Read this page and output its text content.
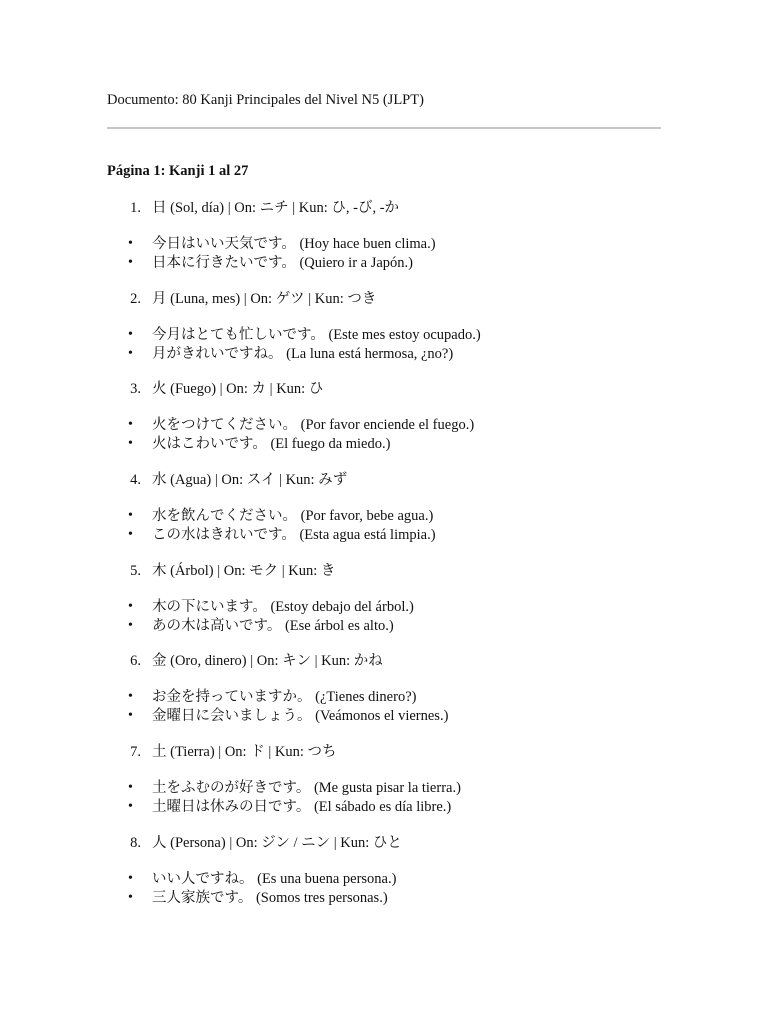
Documento: 80 Kanji Principales del Nivel N5 (JLPT)
Página 1: Kanji 1 al 27
1. 日 (Sol, día) | On: ニチ | Kun: ひ, -び, -か
• 今日はいい天気です。 (Hoy hace buen clima.)
• 日本に行きたいです。 (Quiero ir a Japón.)
2. 月 (Luna, mes) | On: ゲツ | Kun: つき
• 今月はとても忙しいです。 (Este mes estoy ocupado.)
• 月がきれいですね。 (La luna está hermosa, ¿no?)
3. 火 (Fuego) | On: カ | Kun: ひ
• 火をつけてください。 (Por favor enciende el fuego.)
• 火はこわいです。 (El fuego da miedo.)
4. 水 (Agua) | On: スイ | Kun: みず
• 水を飲んでください。 (Por favor, bebe agua.)
• この水はきれいです。 (Esta agua está limpia.)
5. 木 (Árbol) | On: モク | Kun: き
• 木の下にいます。 (Estoy debajo del árbol.)
• あの木は高いです。 (Ese árbol es alto.)
6. 金 (Oro, dinero) | On: キン | Kun: かね
• お金を持っていますか。 (¿Tienes dinero?)
• 金曜日に会いましょう。 (Veámonos el viernes.)
7. 土 (Tierra) | On: ド | Kun: つち
• 土をふむのが好きです。 (Me gusta pisar la tierra.)
• 土曜日は休みの日です。 (El sábado es día libre.)
8. 人 (Persona) | On: ジン / ニン | Kun: ひと
• いい人ですね。 (Es una buena persona.)
• 三人家族です。 (Somos tres personas.)
